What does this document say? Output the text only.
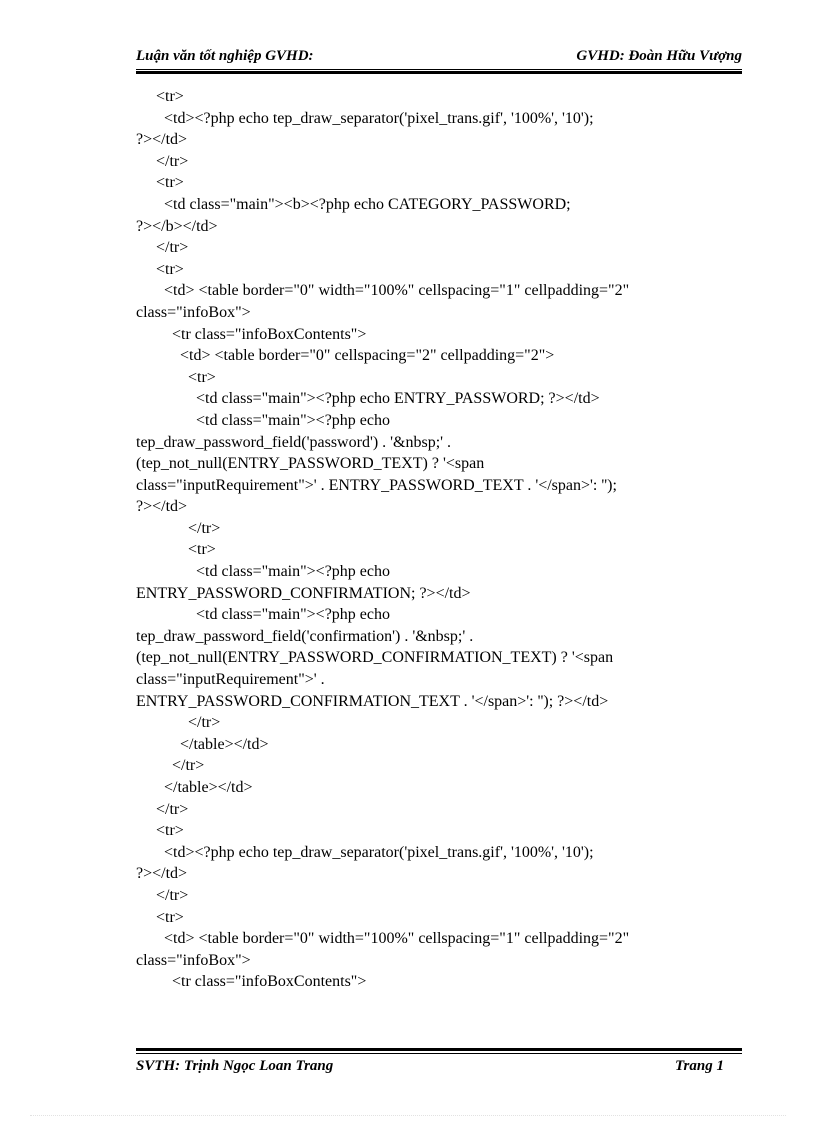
Luận văn tốt nghiệp GVHD:	GVHD: Đoàn Hữu Vượng
<tr>
<td><?php echo tep_draw_separator('pixel_trans.gif', '100%', '10');
?></td>
</tr>
<tr>
<td class="main"><b><?php echo CATEGORY_PASSWORD;
?></b></td>
</tr>
<tr>
<td> <table border="0" width="100%" cellspacing="1" cellpadding="2"
class="infoBox">
<tr class="infoBoxContents">
<td> <table border="0" cellspacing="2" cellpadding="2">
<tr>
<td class="main"><?php echo ENTRY_PASSWORD; ?></td>
<td class="main"><?php echo
tep_draw_password_field('password') . '&nbsp;' .
(tep_not_null(ENTRY_PASSWORD_TEXT) ? '<span
class="inputRequirement">' . ENTRY_PASSWORD_TEXT . '</span>': '');
?></td>
</tr>
<tr>
<td class="main"><?php echo
ENTRY_PASSWORD_CONFIRMATION; ?></td>
<td class="main"><?php echo
tep_draw_password_field('confirmation') . '&nbsp;' .
(tep_not_null(ENTRY_PASSWORD_CONFIRMATION_TEXT) ? '<span
class="inputRequirement">' .
ENTRY_PASSWORD_CONFIRMATION_TEXT . '</span>': ''); ?></td>
</tr>
</table></td>
</tr>
</table></td>
</tr>
<tr>
<td><?php echo tep_draw_separator('pixel_trans.gif', '100%', '10');
?></td>
</tr>
<tr>
<td> <table border="0" width="100%" cellspacing="1" cellpadding="2"
class="infoBox">
<tr class="infoBoxContents">
SVTH: Trịnh Ngọc Loan Trang	Trang 1
